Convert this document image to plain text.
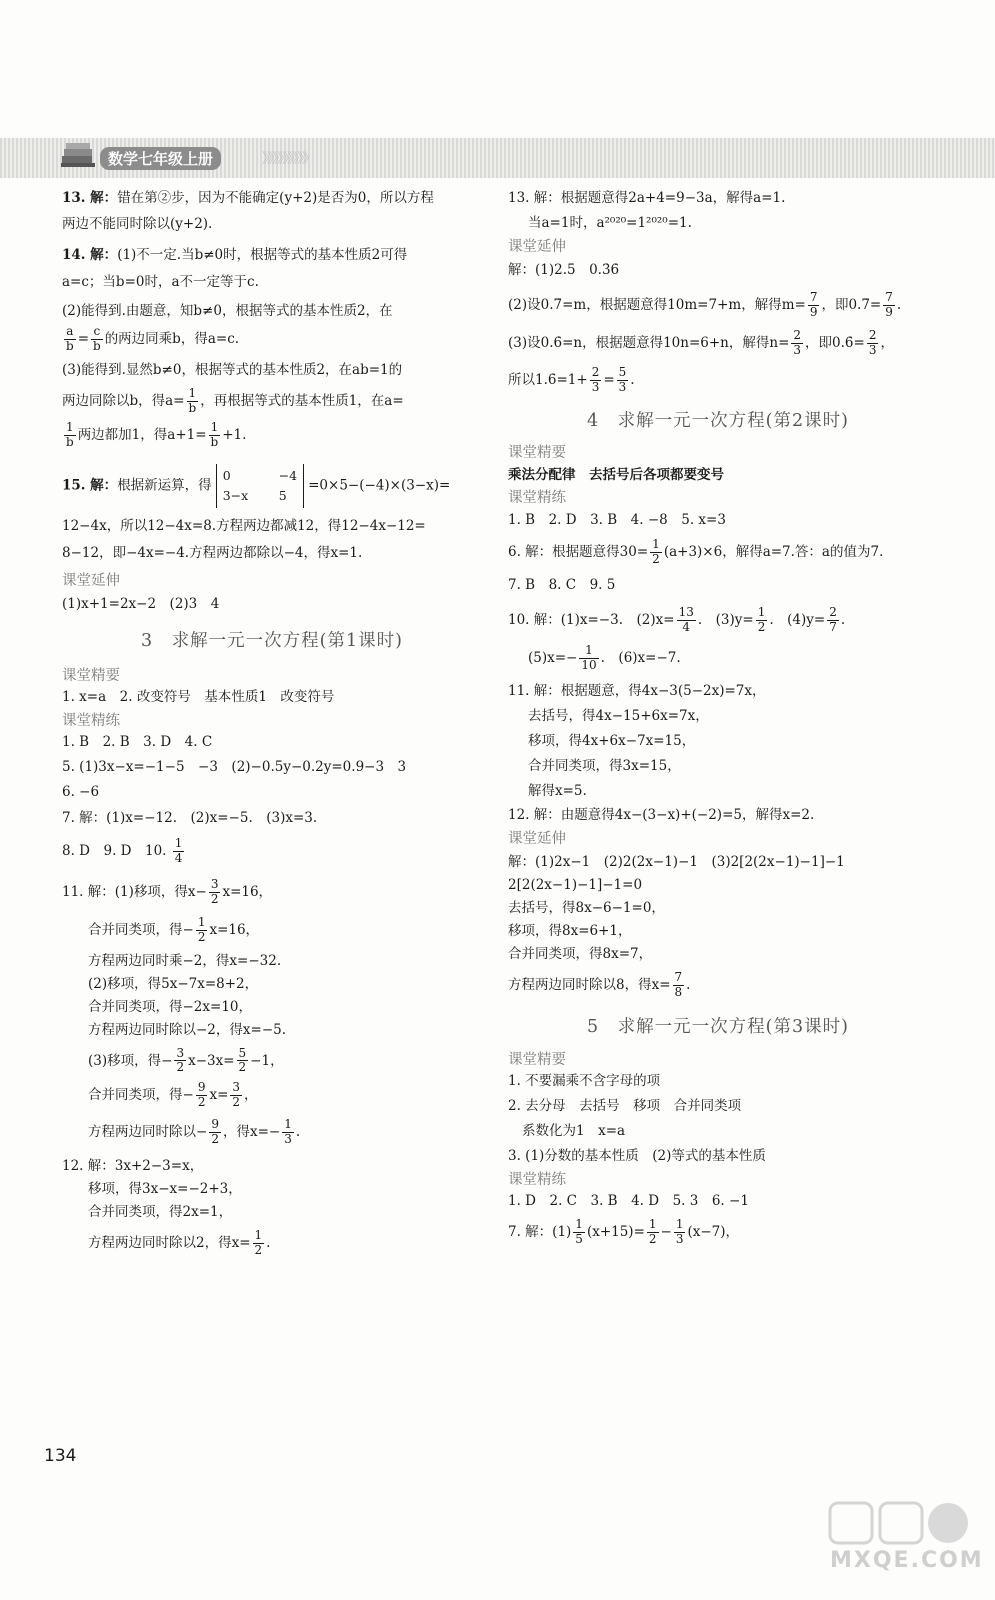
数学七年级上册	》》》》》》》》》

13. 解：错在第②步，因为不能确定(y+2)是否为0，所以方程

两边不能同时除以(y+2).

14. 解：(1)不一定.当b≠0时，根据等式的基本性质2可得

a=c；当b=0时，a不一定等于c.

(2)能得到.由题意，知b≠0，根据等式的基本性质2，在

$\frac{a}{b} = \frac{c}{b}$ 的两边同乘b，得a=c.

(3)能得到.显然b≠0，根据等式的基本性质2，在ab=1的

两边同除以b，得$a= \frac{1}{b}$ ，再根据等式的基本性质1，在a=

$\frac{1}{b}$ 两边都加1，得$a+1= \frac{1}{b} +1$.

15. 解：根据新运算，得
0	−4
3−x 5
=0×5−(−4)×(3−x)=

12−4x，所以12−4x=8.方程两边都减12，得12−4x−12=

8−12，即−4x=−4.方程两边都除以−4，得x=1.

课堂延伸

(1)x+1=2x−2　(2)3　4

3　求解一元一次方程(第1课时)

课堂精要

1. x=a　2. 改变符号　基本性质1　改变符号

课堂精练

1. B　2. B　3. D　4. C

5. (1)3x−x=−1−5　−3　(2)−0.5y−0.2y=0.9−3　3

6. −6

7. 解：(1)x=−12.　(2)x=−5.　(3)x=3.

8. D　9. D　10. $\frac{1}{4}$

11. 解：(1)移项，得$x- \frac{3}{2} x=16$，

合并同类项，得− $\frac{1}{2} x=16$，

方程两边同时乘−2，得x=−32.

(2)移项，得5x−7x=8+2，

合并同类项，得−2x=10，

方程两边同时除以−2，得x=−5.

(3)移项，得− $\frac{3}{2} x-3x= \frac{5}{2} -1$，

合并同类项，得− $\frac{9}{2} x= \frac{3}{2}$ ，

方程两边同时除以− $\frac{9}{2}$ ，得$x=- \frac{1}{3}$ .

12. 解：3x+2−3=x，

移项，得3x−x=−2+3，

合并同类项，得2x=1，

方程两边同时除以2，得$x= \frac{1}{2}$ .

13. 解：根据题意得2a+4=9−3a，解得a=1.

当a=1时，a²⁰²⁰=1²⁰²⁰=1.

课堂延伸

解：(1)2.5　0.3̇6̇

(2)设0.7̇=m，根据题意得10m=7+m，解得$m= \frac{7}{9}$ ，即0.7̇= $\frac{7}{9}$ .

(3)设0.6̇=n，根据题意得10n=6+n，解得$n= \frac{2}{3}$ ，即0.6̇= $\frac{2}{3}$ ，

所以1.6̇=1+ $\frac{2}{3} = \frac{5}{3}$ .

4　求解一元一次方程(第2课时)

课堂精要

乘法分配律　去括号后各项都要变号

课堂精练

1. B　2. D　3. B　4. −8　5. x=3

6. 解：根据题意得$30= \frac{1}{2} (a+3)\times 6$，解得a=7.答：a的值为7.

7. B　8. C　9. 5

10. 解：(1)x=−3.　$(2)x= \frac{13}{4}$ .　$(3)y= \frac{1}{2}$ .　$(4)y= \frac{2}{7}$ .

$(5)x=- \frac{1}{10}$ .　(6)x=−7.

11. 解：根据题意，得4x−3(5−2x)=7x，

去括号，得4x−15+6x=7x，

移项，得4x+6x−7x=15，

合并同类项，得3x=15，

解得x=5.

12. 解：由题意得4x−(3−x)+(−2)=5，解得x=2.

课堂延伸

解：(1)2x−1　(2)2(2x−1)−1　(3)2[2(2x−1)−1]−1

2[2(2x−1)−1]−1=0

去括号，得8x−6−1=0，

移项，得8x=6+1，

合并同类项，得8x=7，

方程两边同时除以8，得$x= \frac{7}{8}$ .

5　求解一元一次方程(第3课时)

课堂精要

1. 不要漏乘不含字母的项

2. 去分母　去括号　移项　合并同类项

系数化为1　x=a

3. (1)分数的基本性质　(2)等式的基本性质

课堂精练

1. D　2. C　3. B　4. D　5. 3　6. −1

7. 解：$(1) \frac{1}{5} (x+15)= \frac{1}{2} - \frac{1}{3} (x-7)$，

134
MXQE.COM
